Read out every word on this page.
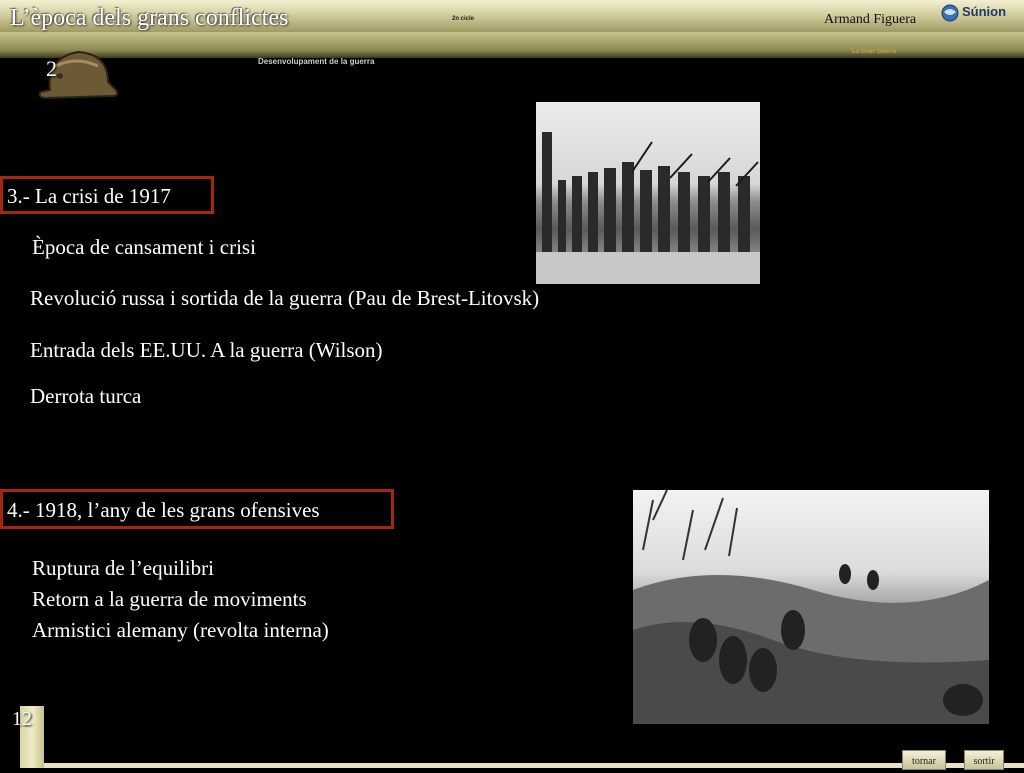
L’època dels grans conflictes	2n cicle	Armand Figuera
Súnion
Desenvolupament de la guerra
La Gran Guerra
2
3.- La crisi de 1917
Època de cansament i crisi
Revolució russa i sortida de la guerra (Pau de Brest-Litovsk)
Entrada dels EE.UU. A la guerra (Wilson)
Derrota turca
4.- 1918, l’any de les grans ofensives
Ruptura de l’equilibri
Retorn a la guerra de moviments
Armistici alemany (revolta interna)
12
tornar	sortir
